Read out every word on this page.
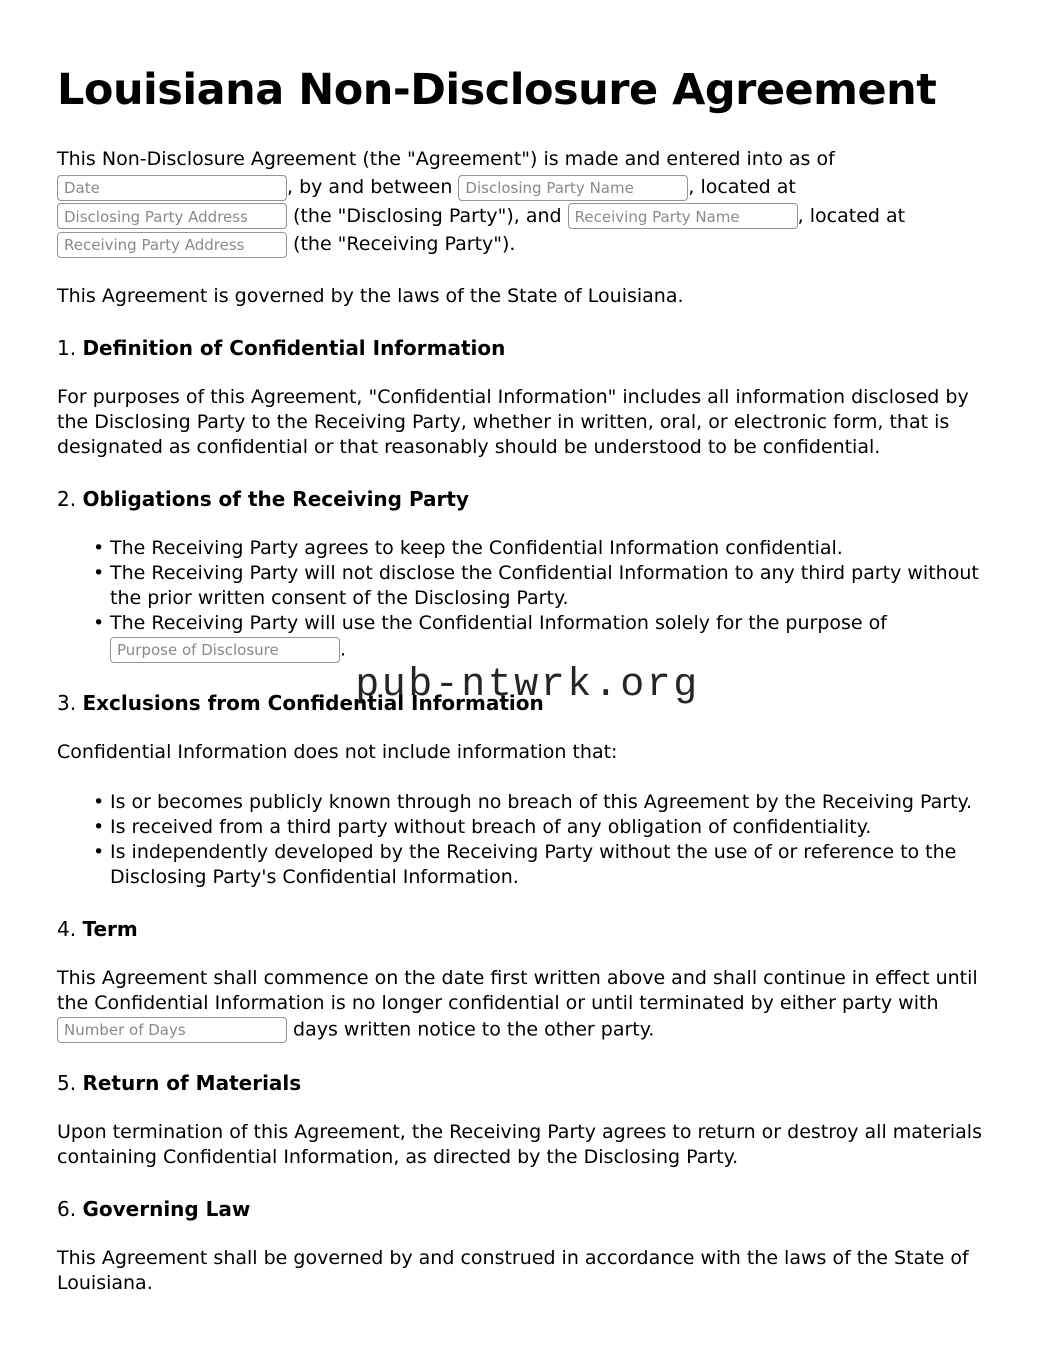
Louisiana Non-Disclosure Agreement

This Non-Disclosure Agreement (the "Agreement") is made and entered into as of Date, by and between Disclosing Party Name	, located at Disclosing Party Address (the "Disclosing Party"), and Receiving Party Name	, located at Receiving Party Address (the "Receiving Party").

This Agreement is governed by the laws of the State of Louisiana.

1. Definition of Confidential Information

For purposes of this Agreement, "Confidential Information" includes all information disclosed by the Disclosing Party to the Receiving Party, whether in written, oral, or electronic form, that is designated as confidential or that reasonably should be understood to be confidential.

2. Obligations of the Receiving Party
• The Receiving Party agrees to keep the Confidential Information confidential.
• The Receiving Party will not disclose the Confidential Information to any third party without the prior written consent of the Disclosing Party.
• The Receiving Party will use the Confidential Information solely for the purpose of Purpose of Disclosure.
3. Exclusions from Confidential Information
pub-ntwrk.org

Confidential Information does not include information that:

• Is or becomes publicly known through no breach of this Agreement by the Receiving Party.
• Is received from a third party without breach of any obligation of confidentiality.
• Is independently developed by the Receiving Party without the use of or reference to the Disclosing Party's Confidential Information.
4. Term

This Agreement shall commence on the date first written above and shall continue in effect until the Confidential Information is no longer confidential or until terminated by either party with Number of Days days written notice to the other party.

5. Return of Materials

Upon termination of this Agreement, the Receiving Party agrees to return or destroy all materials containing Confidential Information, as directed by the Disclosing Party.

6. Governing Law

This Agreement shall be governed by and construed in accordance with the laws of the State of Louisiana.
